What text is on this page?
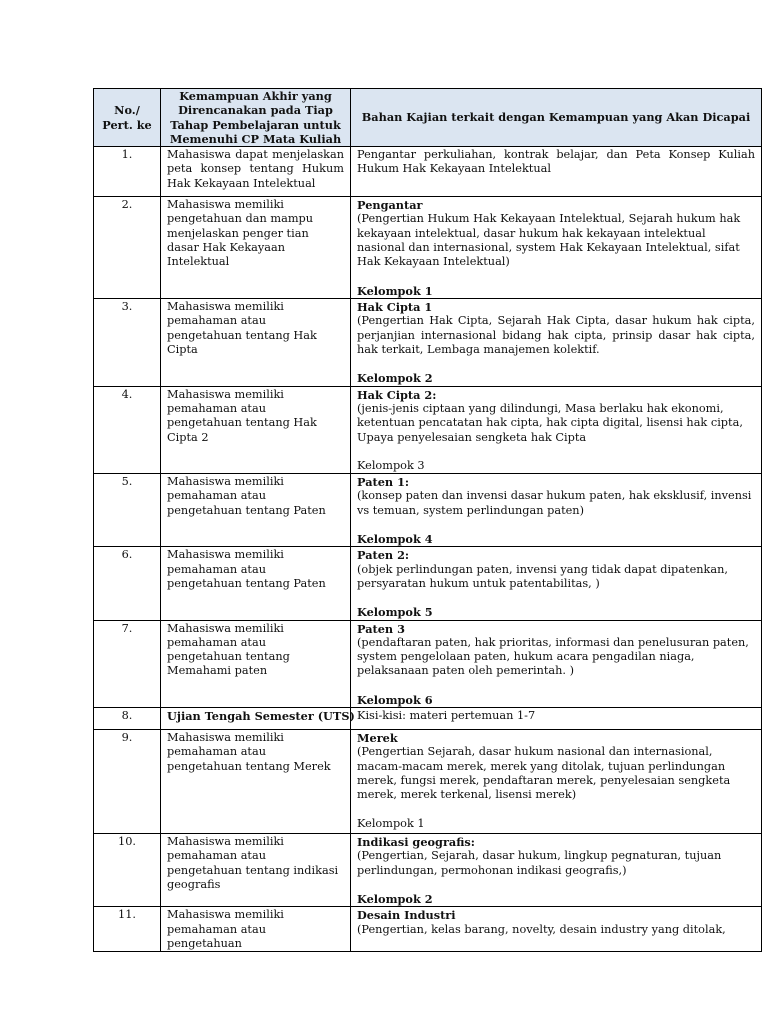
No./
Pert. ke	Kemampuan Akhir yang Direncanakan pada Tiap Tahap Pembelajaran untuk Memenuhi CP Mata Kuliah	Bahan Kajian terkait dengan Kemampuan yang Akan Dicapai
1.	Mahasiswa dapat menjelaskan peta konsep tentang Hukum Hak Kekayaan Intelektual	Pengantar perkuliahan, kontrak belajar, dan Peta Konsep Kuliah Hukum Hak Kekayaan Intelektual

2.	Mahasiswa memiliki pengetahuan dan mampu menjelaskan penger tian dasar Hak Kekayaan Intelektual	Pengantar
(Pengertian Hukum Hak Kekayaan Intelektual, Sejarah hukum hak kekayaan intelektual, dasar hukum hak kekayaan intelektual nasional dan internasional, system Hak Kekayaan Intelektual, sifat Hak Kekayaan Intelektual)
Kelompok 1

3.	Mahasiswa memiliki pemahaman atau pengetahuan tentang Hak Cipta	Hak Cipta 1
(Pengertian Hak Cipta, Sejarah Hak Cipta, dasar hukum hak cipta, perjanjian internasional bidang hak cipta, prinsip dasar hak cipta, hak terkait, Lembaga manajemen kolektif.
Kelompok 2

4.	Mahasiswa memiliki pemahaman atau pengetahuan tentang Hak Cipta 2	Hak Cipta 2:
(jenis-jenis ciptaan yang dilindungi, Masa berlaku hak ekonomi, ketentuan pencatatan hak cipta, hak cipta digital, lisensi hak cipta, Upaya penyelesaian sengketa hak Cipta
Kelompok 3

5.	Mahasiswa memiliki pemahaman atau pengetahuan tentang Paten	Paten 1:
(konsep paten dan invensi dasar hukum paten, hak eksklusif, invensi vs temuan, system perlindungan paten)
Kelompok 4

6.	Mahasiswa memiliki pemahaman atau pengetahuan tentang Paten	Paten 2:
(objek perlindungan paten, invensi yang tidak dapat dipatenkan, persyaratan hukum untuk patentabilitas, )
Kelompok 5

7.	Mahasiswa memiliki pemahaman atau pengetahuan tentang Memahami paten	Paten 3
(pendaftaran paten, hak prioritas, informasi dan penelusuran paten, system pengelolaan paten, hukum acara pengadilan niaga, pelaksanaan paten oleh pemerintah. )
Kelompok 6

8.	Ujian Tengah Semester (UTS)	Kisi-kisi: materi pertemuan 1-7

9.	Mahasiswa memiliki pemahaman atau pengetahuan tentang Merek	Merek
(Pengertian Sejarah, dasar hukum nasional dan internasional, macam-macam merek, merek yang ditolak, tujuan perlindungan merek, fungsi merek, pendaftaran merek, penyelesaian sengketa merek, merek terkenal, lisensi merek)
Kelompok 1

10.	Mahasiswa memiliki pemahaman atau pengetahuan tentang indikasi geografis	Indikasi geografis:
(Pengertian, Sejarah, dasar hukum, lingkup pegnaturan, tujuan perlindungan, permohonan indikasi geografis,)
Kelompok 2

11.	Mahasiswa memiliki pemahaman atau pengetahuan	Desain Industri
(Pengertian, kelas barang, novelty, desain industry yang ditolak,
